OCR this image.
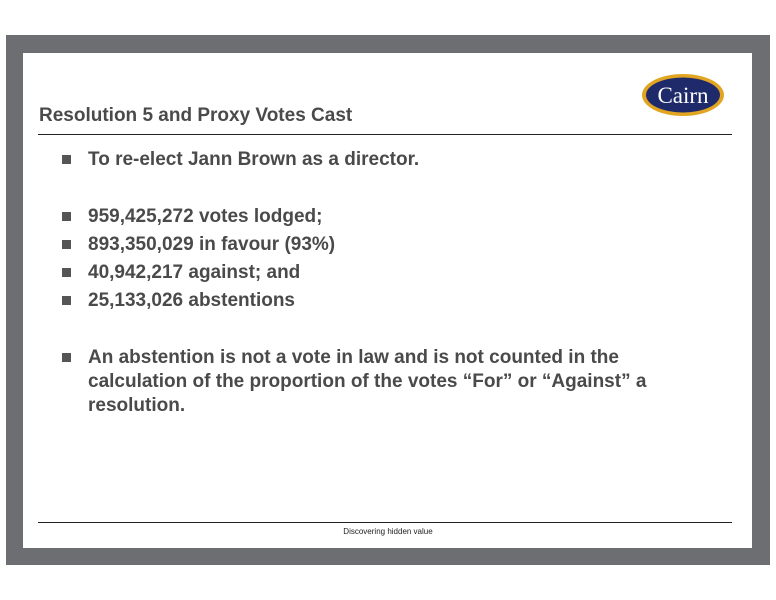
Cairn
Resolution 5 and Proxy Votes Cast
To re-elect Jann Brown as a director.
959,425,272 votes lodged;
893,350,029 in favour (93%)
40,942,217 against; and
25,133,026 abstentions
An abstention is not a vote in law and is not counted in the calculation of the proportion of the votes “For” or “Against” a resolution.
Discovering hidden value
